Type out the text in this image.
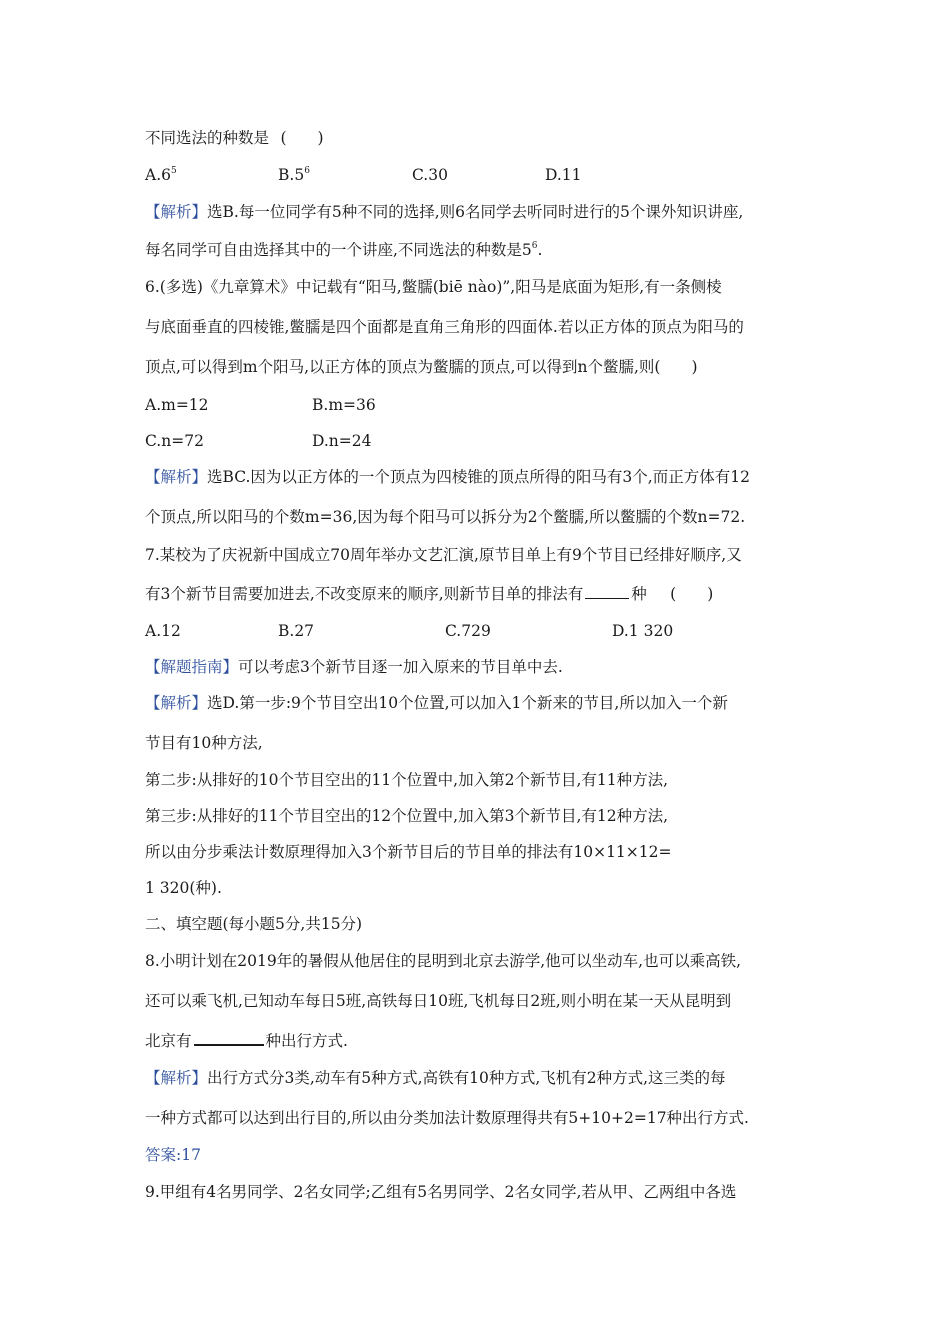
不同选法的种数是 (　　)
$A.6^5$	$B.5^6$	C.30	D.11
【解析】选B.每一位同学有5种不同的选择,则6名同学去听同时进行的5个课外知识讲座,
每名同学可自由选择其中的一个讲座,不同选法的种数是$5^6$.
6.(多选)《九章算术》中记载有“阳马,鳖臑(biē nào)”,阳马是底面为矩形,有一条侧棱
与底面垂直的四棱锥,鳖臑是四个面都是直角三角形的四面体.若以正方体的顶点为阳马的
顶点,可以得到m个阳马,以正方体的顶点为鳖臑的顶点,可以得到n个鳖臑,则(　　)
A.m=12	B.m=36
C.n=72	D.n=24
【解析】选BC.因为以正方体的一个顶点为四棱锥的顶点所得的阳马有3个,而正方体有12
个顶点,所以阳马的个数m=36,因为每个阳马可以拆分为2个鳖臑,所以鳖臑的个数n=72.
7.某校为了庆祝新中国成立70周年举办文艺汇演,原节目单上有9个节目已经排好顺序,又
有3个新节目需要加进去,不改变原来的顺序,则新节目单的排法有	种 (　　)
A.12	B.27	C.729	D.1 320
【解题指南】可以考虑3个新节目逐一加入原来的节目单中去.
【解析】选D.第一步:9个节目空出10个位置,可以加入1个新来的节目,所以加入一个新
节目有10种方法,
第二步:从排好的10个节目空出的11个位置中,加入第2个新节目,有11种方法,
第三步:从排好的11个节目空出的12个位置中,加入第3个新节目,有12种方法,
所以由分步乘法计数原理得加入3个新节目后的节目单的排法有10×11×12=
1 320(种).
二、填空题(每小题5分,共15分)
8.小明计划在2019年的暑假从他居住的昆明到北京去游学,他可以坐动车,也可以乘高铁,
还可以乘飞机,已知动车每日5班,高铁每日10班,飞机每日2班,则小明在某一天从昆明到
北京有	种出行方式.
【解析】出行方式分3类,动车有5种方式,高铁有10种方式,飞机有2种方式,这三类的每
一种方式都可以达到出行目的,所以由分类加法计数原理得共有5+10+2=17种出行方式.
答案:17
9.甲组有4名男同学、2名女同学;乙组有5名男同学、2名女同学,若从甲、乙两组中各选
